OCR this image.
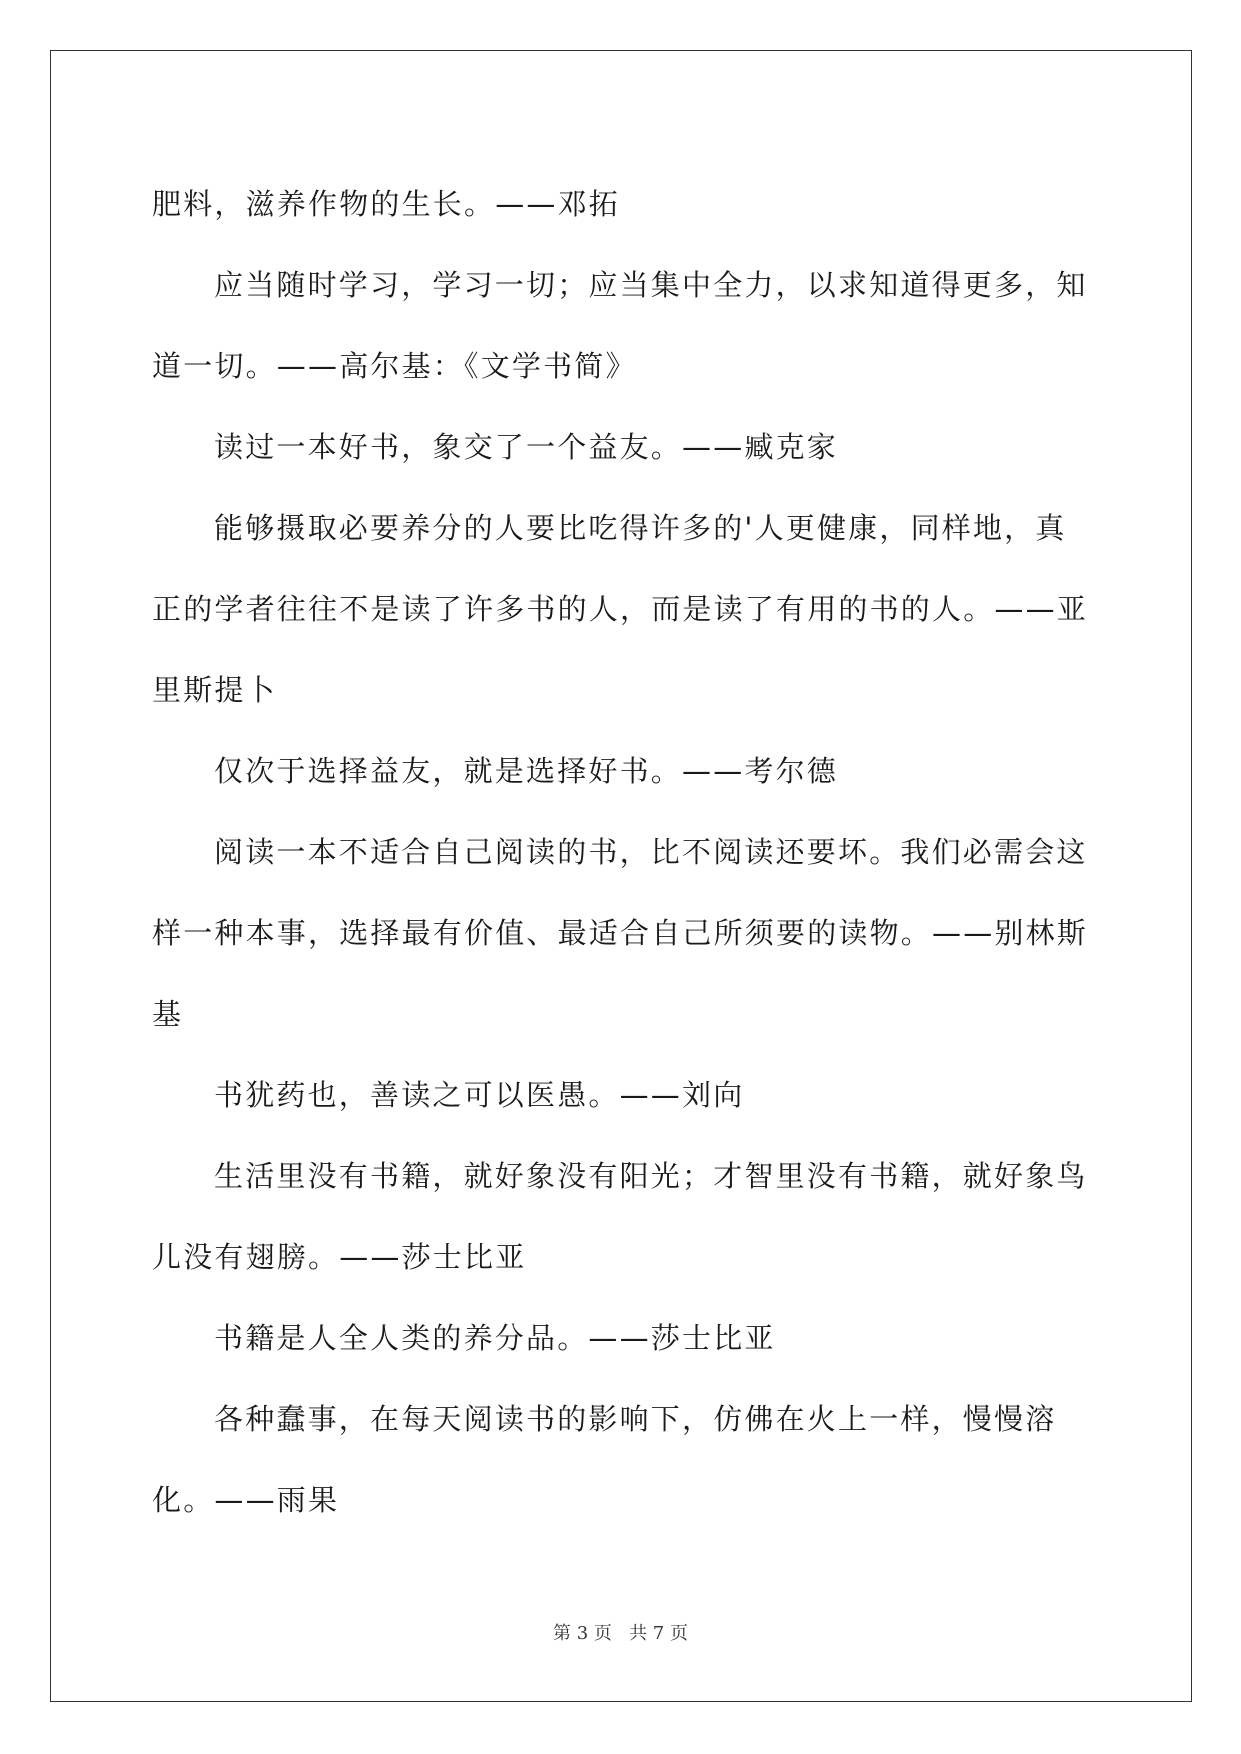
肥料，滋养作物的生长。——邓拓

应当随时学习，学习一切；应当集中全力，以求知道得更多，知道一切。——高尔基：《文学书简》

读过一本好书，象交了一个益友。——臧克家

能够摄取必要养分的人要比吃得许多的'人更健康，同样地，真正的学者往往不是读了许多书的人，而是读了有用的书的人。——亚里斯提卜

仅次于选择益友，就是选择好书。——考尔德

阅读一本不适合自己阅读的书，比不阅读还要坏。我们必需会这样一种本事，选择最有价值、最适合自己所须要的读物。——别林斯基

书犹药也，善读之可以医愚。——刘向

生活里没有书籍，就好象没有阳光；才智里没有书籍，就好象鸟儿没有翅膀。——莎士比亚

书籍是人全人类的养分品。——莎士比亚

各种蠢事，在每天阅读书的影响下，仿佛在火上一样，慢慢溶化。——雨果

第 3 页 共 7 页
